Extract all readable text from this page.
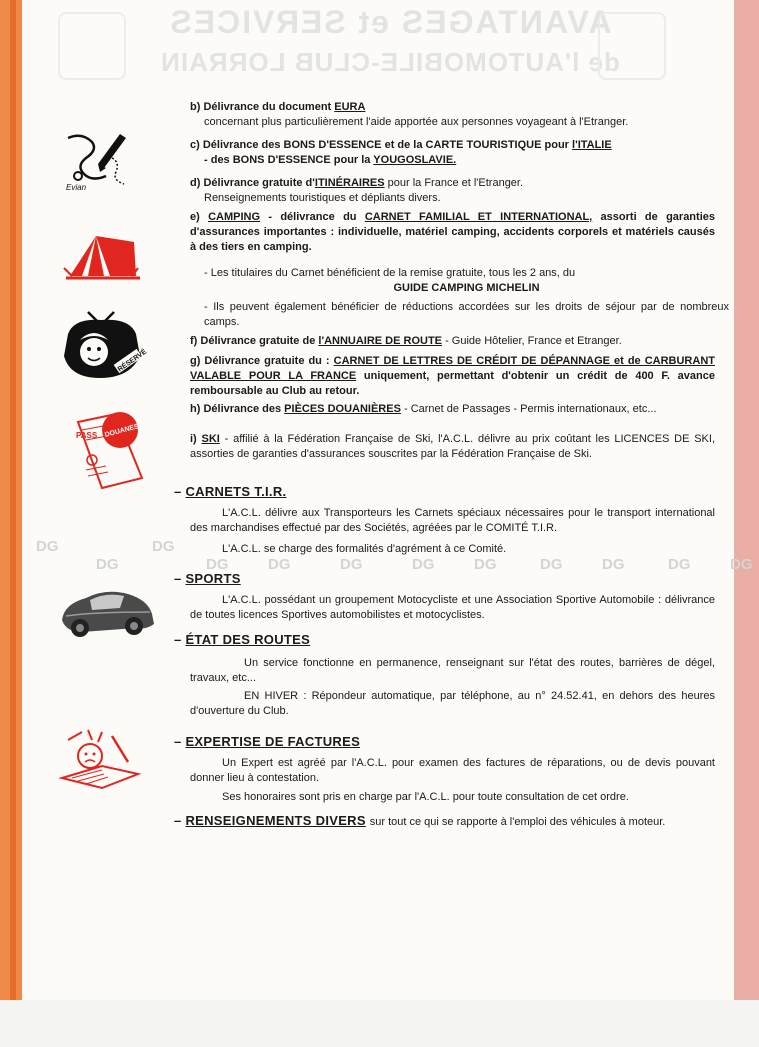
AVANTAGES et SERVICES
de l'AUTOMOBILE-CLUB LORRAIN
DG
DG
DG
DG	DG	DG	DG	DG	DG	DG	DG	DG
Evian
RÉSERVÉ
PASS DOUANES
b) Délivrance du document EURA
concernant plus particulièrement l'aide apportée aux personnes voyageant à l'Etranger.
c) Délivrance des BONS D'ESSENCE et de la CARTE TOURISTIQUE pour l'ITALIE
- des BONS D'ESSENCE pour la YOUGOSLAVIE.
d) Délivrance gratuite d'ITINÉRAIRES pour la France et l'Etranger.
Renseignements touristiques et dépliants divers.
e) CAMPING - délivrance du CARNET FAMILIAL ET INTERNATIONAL, assorti de garanties d'assurances importantes : individuelle, matériel camping, accidents corporels et matériels causés à des tiers en camping.
- Les titulaires du Carnet bénéficient de la remise gratuite, tous les 2 ans, du
GUIDE CAMPING MICHELIN
- Ils peuvent également bénéficier de réductions accordées sur les droits de séjour par de nombreux camps.
f) Délivrance gratuite de l'ANNUAIRE DE ROUTE - Guide Hôtelier, France et Etranger.
g) Délivrance gratuite du : CARNET DE LETTRES DE CRÉDIT DE DÉPANNAGE et de CARBURANT VALABLE POUR LA FRANCE uniquement, permettant d'obtenir un crédit de 400 F. avance remboursable au Club au retour.
h) Délivrance des PIÈCES DOUANIÈRES - Carnet de Passages - Permis internationaux, etc...
i) SKI - affilié à la Fédération Française de Ski, l'A.C.L. délivre au prix coûtant les LICENCES DE SKI, assorties de garanties d'assurances souscrites par la Fédération Française de Ski.
– CARNETS T.I.R.
L'A.C.L. délivre aux Transporteurs les Carnets spéciaux nécessaires pour le transport international des marchandises effectué par des Sociétés, agréées par le COMITÉ T.I.R.
L'A.C.L. se charge des formalités d'agrément à ce Comité.
– SPORTS
L'A.C.L. possédant un groupement Motocycliste et une Association Sportive Automobile : délivrance de toutes licences Sportives automobilistes et motocyclistes.
– ÉTAT DES ROUTES
Un service fonctionne en permanence, renseignant sur l'état des routes, barrières de dégel, travaux, etc...
EN HIVER : Répondeur automatique, par téléphone, au n° 24.52.41, en dehors des heures d'ouverture du Club.
– EXPERTISE DE FACTURES
Un Expert est agréé par l'A.C.L. pour examen des factures de réparations, ou de devis pouvant donner lieu à contestation.
Ses honoraires sont pris en charge par l'A.C.L. pour toute consultation de cet ordre.
– RENSEIGNEMENTS DIVERS sur tout ce qui se rapporte à l'emploi des véhicules à moteur.
